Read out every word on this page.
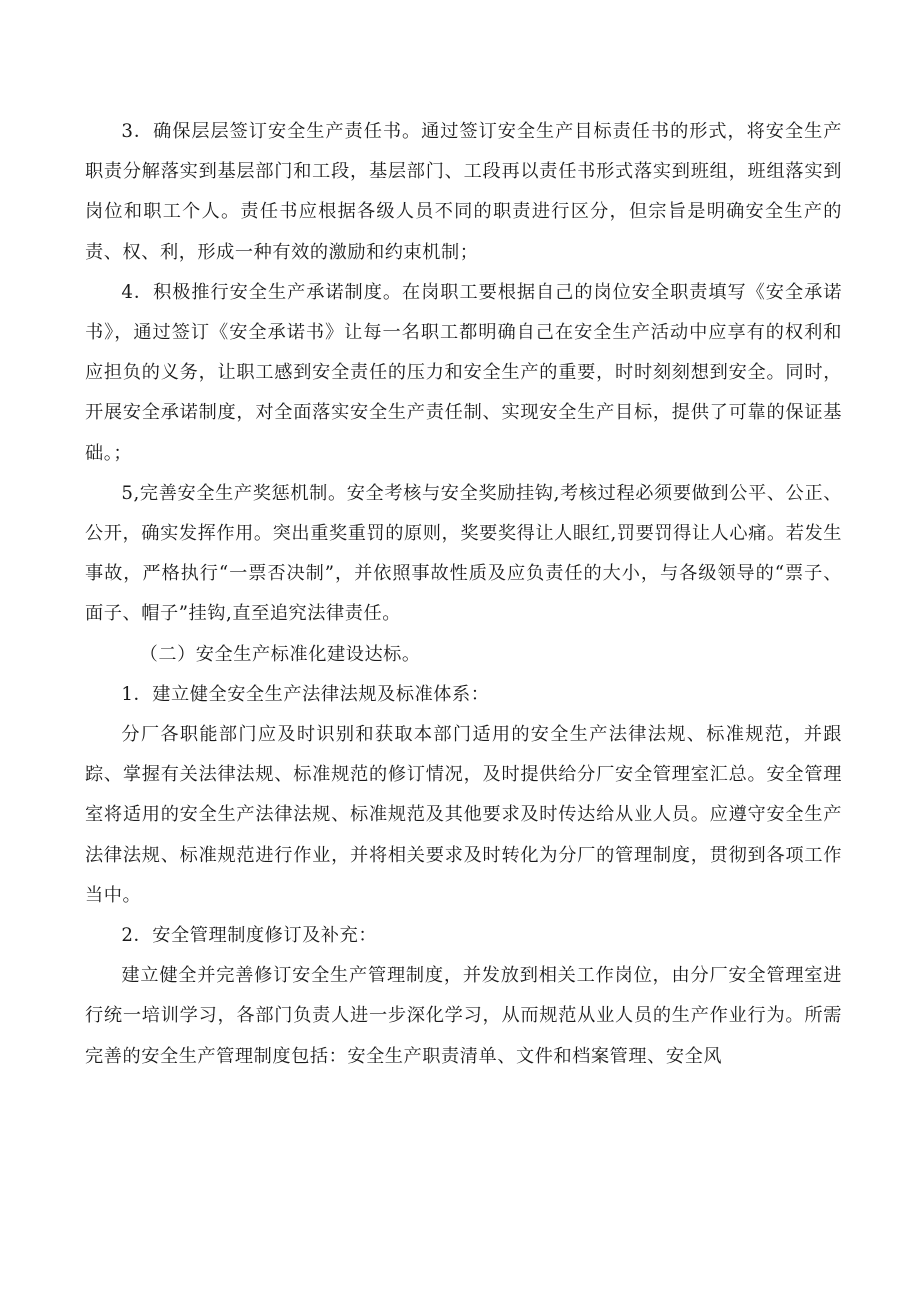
3．确保层层签订安全生产责任书。通过签订安全生产目标责任书的形式，将安全生产职责分解落实到基层部门和工段，基层部门、工段再以责任书形式落实到班组，班组落实到岗位和职工个人。责任书应根据各级人员不同的职责进行区分，但宗旨是明确安全生产的责、权、利，形成一种有效的激励和约束机制；

4．积极推行安全生产承诺制度。在岗职工要根据自己的岗位安全职责填写《安全承诺书》，通过签订《安全承诺书》让每一名职工都明确自己在安全生产活动中应享有的权利和应担负的义务，让职工感到安全责任的压力和安全生产的重要，时时刻刻想到安全。同时，开展安全承诺制度，对全面落实安全生产责任制、实现安全生产目标，提供了可靠的保证基础。；

5,完善安全生产奖惩机制。安全考核与安全奖励挂钩,考核过程必须要做到公平、公正、公开，确实发挥作用。突出重奖重罚的原则，奖要奖得让人眼红,罚要罚得让人心痛。若发生事故，严格执行“一票否决制”，并依照事故性质及应负责任的大小，与各级领导的“票子、面子、帽子”挂钩,直至追究法律责任。

（二）安全生产标准化建设达标。

1．建立健全安全生产法律法规及标准体系：

分厂各职能部门应及时识别和获取本部门适用的安全生产法律法规、标准规范，并跟踪、掌握有关法律法规、标准规范的修订情况，及时提供给分厂安全管理室汇总。安全管理室将适用的安全生产法律法规、标准规范及其他要求及时传达给从业人员。应遵守安全生产法律法规、标准规范进行作业，并将相关要求及时转化为分厂的管理制度，贯彻到各项工作当中。

2．安全管理制度修订及补充：

建立健全并完善修订安全生产管理制度，并发放到相关工作岗位，由分厂安全管理室进行统一培训学习，各部门负责人进一步深化学习，从而规范从业人员的生产作业行为。所需完善的安全生产管理制度包括：安全生产职责清单、文件和档案管理、安全风
